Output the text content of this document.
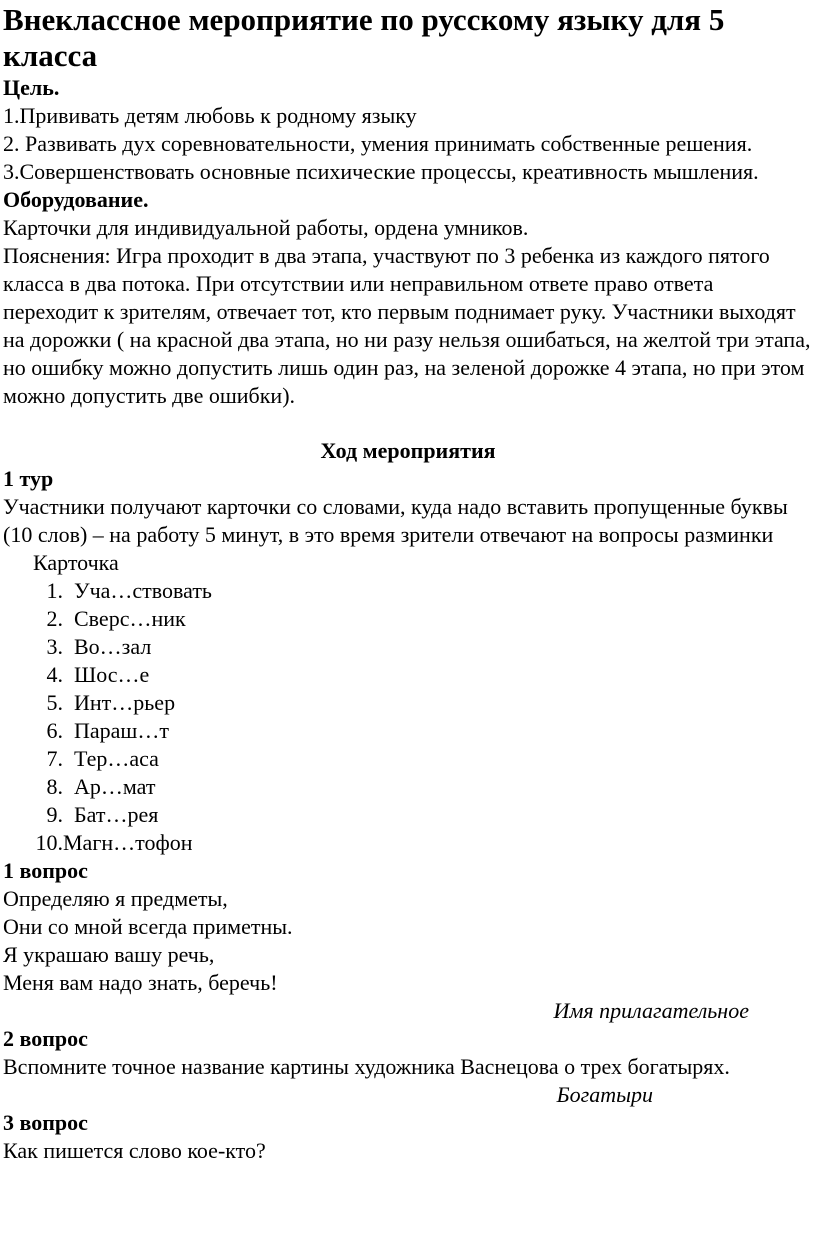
Внеклассное мероприятие по русскому языку для 5 класса

Цель.

1.Прививать детям любовь к родному языку

2. Развивать дух соревновательности, умения принимать собственные решения.

3.Совершенствовать основные психические процессы, креативность мышления.

Оборудование.

Карточки для индивидуальной работы, ордена умников.

Пояснения: Игра проходит в два этапа, участвуют по 3 ребенка из каждого пятого класса в два потока. При отсутствии или неправильном ответе право ответа переходит к зрителям, отвечает тот, кто первым поднимает руку. Участники выходят на дорожки ( на красной два этапа, но ни разу нельзя ошибаться, на желтой три этапа, но ошибку можно допустить лишь один раз, на зеленой дорожке 4 этапа, но при этом можно допустить две ошибки).

Ход мероприятия

1 тур

Участники получают карточки со словами, куда надо вставить пропущенные буквы (10 слов) – на работу 5 минут, в это время зрители отвечают на вопросы разминки

Карточка

1.
Уча…ствовать
2.
Сверс…ник
3.
Во…зал
4.
Шос…е
5.
Инт…рьер
6.
Параш…т
7.
Тер…аса
8.
Ар…мат
9.
Бат…рея
10. Магн…тофон

1 вопрос

Определяю я предметы,

Они со мной всегда приметны.

Я украшаю вашу речь,

Меня вам надо знать, беречь!

Имя прилагательное

2 вопрос

Вспомните точное название картины художника Васнецова о трех богатырях.

Богатыри

3 вопрос

Как пишется слово кое-кто?
